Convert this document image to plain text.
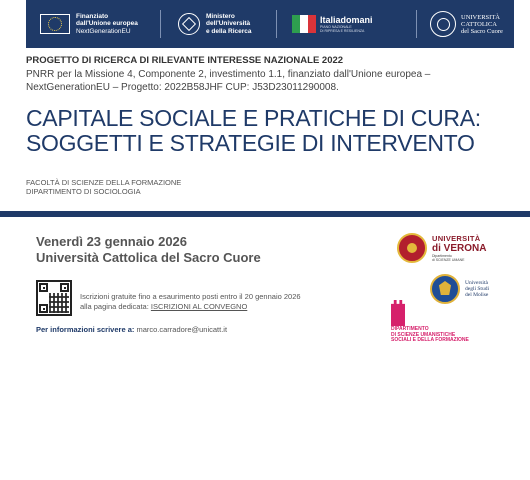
Finanziato
dall'Unione europea
NextGenerationEU
Ministero
dell'Università
e della Ricerca
Italiadomani
PIANO NAZIONALE
DI RIPRESA E RESILIENZA
UNIVERSITÀ
CATTOLICA
del Sacro Cuore
PROGETTO DI RICERCA DI RILEVANTE INTERESSE NAZIONALE 2022
PNRR per la Missione 4, Componente 2, investimento 1.1, finanziato dall'Unione europea – NextGenerationEU – Progetto: 2022B58JHF CUP: J53D23011290008.
CAPITALE SOCIALE E PRATICHE DI CURA:
SOGGETTI E STRATEGIE DI INTERVENTO
FACOLTÀ DI SCIENZE DELLA FORMAZIONE
DIPARTIMENTO DI SOCIOLOGIA
Venerdì 23 gennaio 2026
Università Cattolica del Sacro Cuore
Iscrizioni gratuite fino a esaurimento posti entro il 20 gennaio 2026
alla pagina dedicata: ISCRIZIONI AL CONVEGNO
Per informazioni scrivere a: marco.carradore@unicatt.it
UNIVERSITÀ
di VERONA
Dipartimento
di SCIENZE UMANE
Università
degli Studi
del Molise
DIPARTIMENTO
DI SCIENZE UMANISTICHE
SOCIALI E DELLA FORMAZIONE
